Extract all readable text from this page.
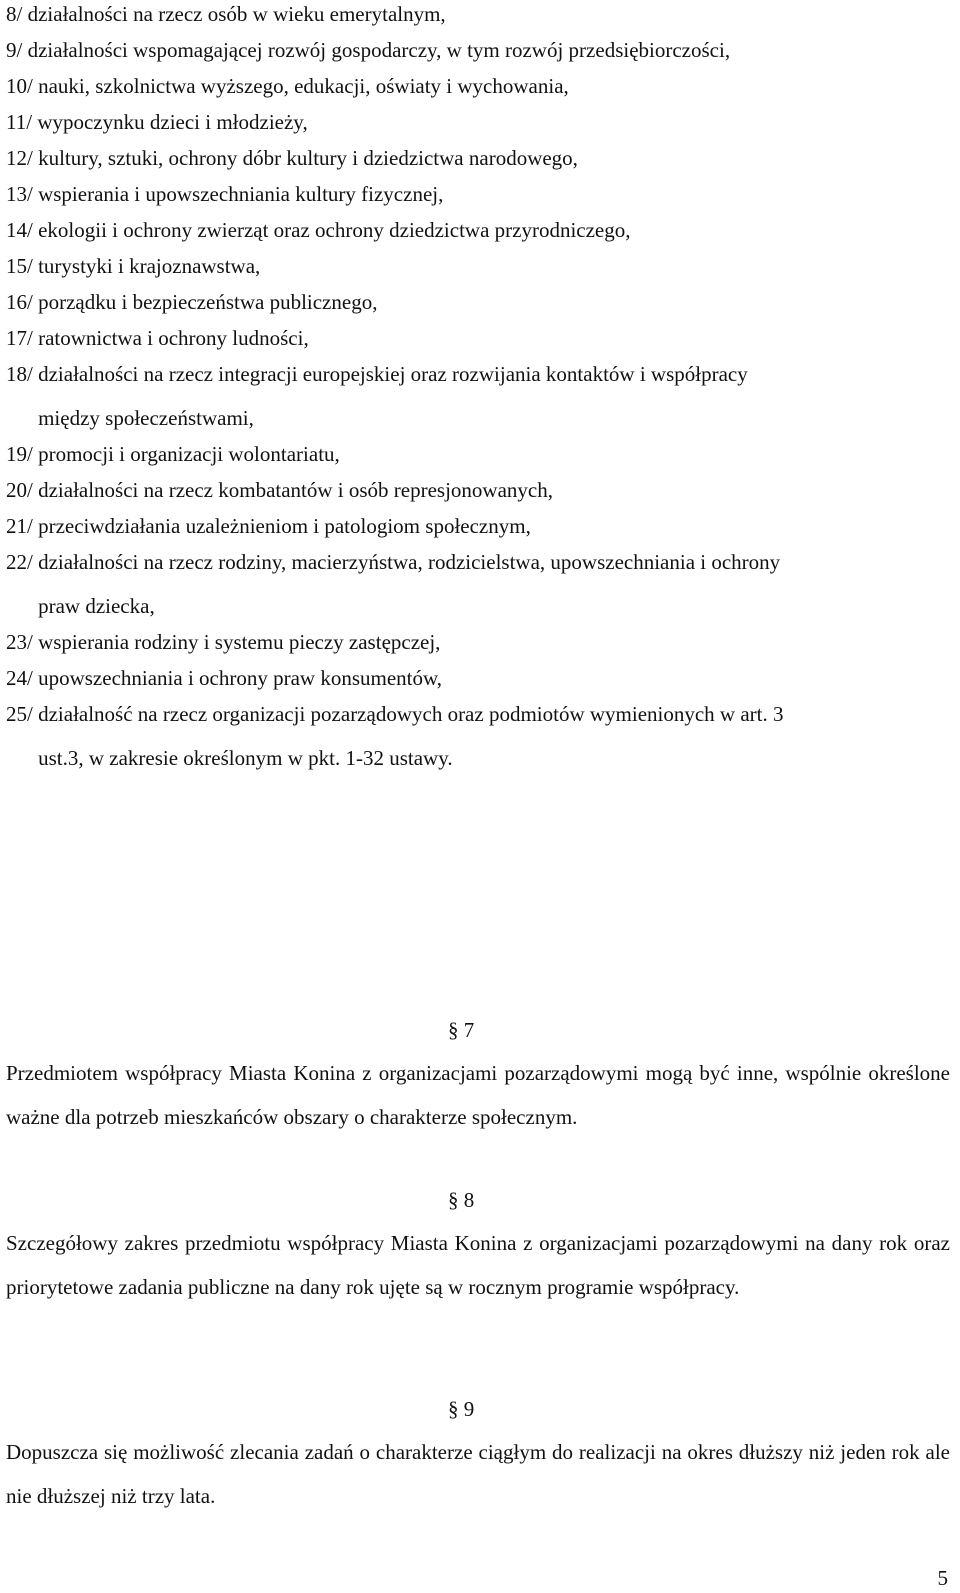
8/ działalności na rzecz osób w wieku emerytalnym,
9/ działalności wspomagającej rozwój gospodarczy, w tym rozwój przedsiębiorczości,
10/ nauki, szkolnictwa wyższego, edukacji, oświaty i wychowania,
11/ wypoczynku dzieci i młodzieży,
12/ kultury, sztuki, ochrony dóbr kultury i dziedzictwa narodowego,
13/ wspierania i upowszechniania kultury fizycznej,
14/ ekologii i ochrony zwierząt oraz ochrony dziedzictwa przyrodniczego,
15/ turystyki i krajoznawstwa,
16/ porządku i bezpieczeństwa publicznego,
17/ ratownictwa i ochrony ludności,
18/ działalności na rzecz integracji europejskiej oraz rozwijania kontaktów i współpracy
między społeczeństwami,
19/ promocji i organizacji wolontariatu,
20/ działalności na rzecz kombatantów i osób represjonowanych,
21/ przeciwdziałania uzależnieniom i patologiom społecznym,
22/ działalności na rzecz rodziny, macierzyństwa, rodzicielstwa, upowszechniania i ochrony
praw dziecka,
23/ wspierania rodziny i systemu pieczy zastępczej,
24/ upowszechniania i ochrony praw konsumentów,
25/ działalność na rzecz organizacji pozarządowych oraz podmiotów wymienionych w art. 3
ust.3, w zakresie określonym w pkt. 1-32 ustawy.
§ 7
Przedmiotem współpracy Miasta Konina z organizacjami pozarządowymi mogą być inne, wspólnie określone ważne dla potrzeb mieszkańców obszary o charakterze społecznym.
§ 8
Szczegółowy zakres przedmiotu współpracy Miasta Konina z organizacjami pozarządowymi na dany rok oraz priorytetowe zadania publiczne na dany rok ujęte są w rocznym programie współpracy.
§ 9
Dopuszcza się możliwość zlecania zadań o charakterze ciągłym do realizacji na okres dłuższy niż jeden rok ale nie dłuższej niż trzy lata.
5
